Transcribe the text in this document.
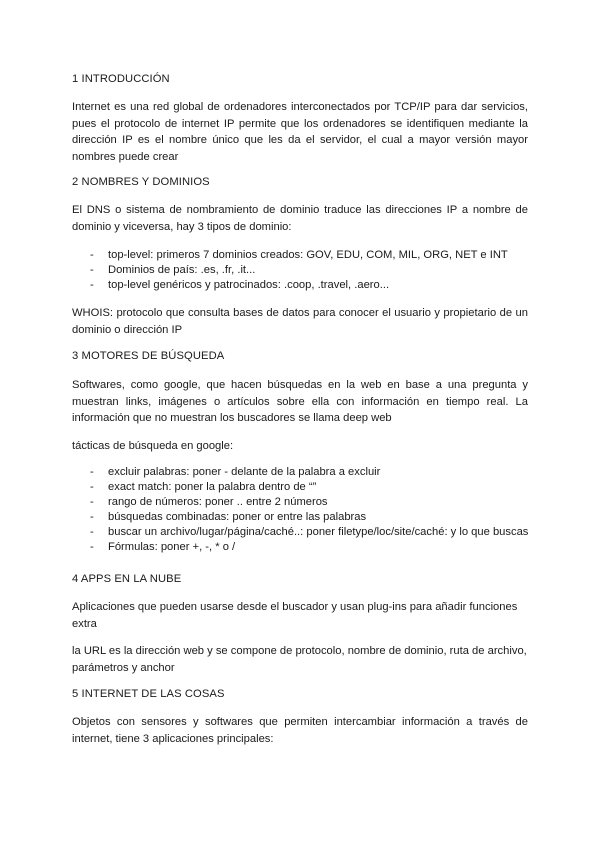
1 INTRODUCCIÓN
Internet es una red global de ordenadores interconectados por TCP/IP para dar servicios, pues el protocolo de internet IP permite que los ordenadores se identifiquen mediante la dirección IP es el nombre único que les da el servidor, el cual a mayor versión mayor nombres puede crear
2 NOMBRES Y DOMINIOS
El DNS o sistema de nombramiento de dominio traduce las direcciones IP a nombre de dominio y viceversa, hay 3 tipos de dominio:
- top-level: primeros 7 dominios creados: GOV, EDU, COM, MIL, ORG, NET e INT
- Dominios de país: .es, .fr, .it...
- top-level genéricos y patrocinados: .coop, .travel, .aero...
WHOIS: protocolo que consulta bases de datos para conocer el usuario y propietario de un dominio o dirección IP
3 MOTORES DE BÚSQUEDA
Softwares, como google, que hacen búsquedas en la web en base a una pregunta y muestran links, imágenes o artículos sobre ella con información en tiempo real. La información que no muestran los buscadores se llama deep web
tácticas de búsqueda en google:
- excluir palabras: poner - delante de la palabra a excluir
- exact match: poner la palabra dentro de “”
- rango de números: poner .. entre 2 números
- búsquedas combinadas: poner or entre las palabras
- buscar un archivo/lugar/página/caché..: poner filetype/loc/site/caché: y lo que buscas
- Fórmulas: poner +, -, * o /
4 APPS EN LA NUBE
Aplicaciones que pueden usarse desde el buscador y usan plug-ins para añadir funciones extra
la URL es la dirección web y se compone de protocolo, nombre de dominio, ruta de archivo, parámetros y anchor
5 INTERNET DE LAS COSAS
Objetos con sensores y softwares que permiten intercambiar información a través de internet, tiene 3 aplicaciones principales:
